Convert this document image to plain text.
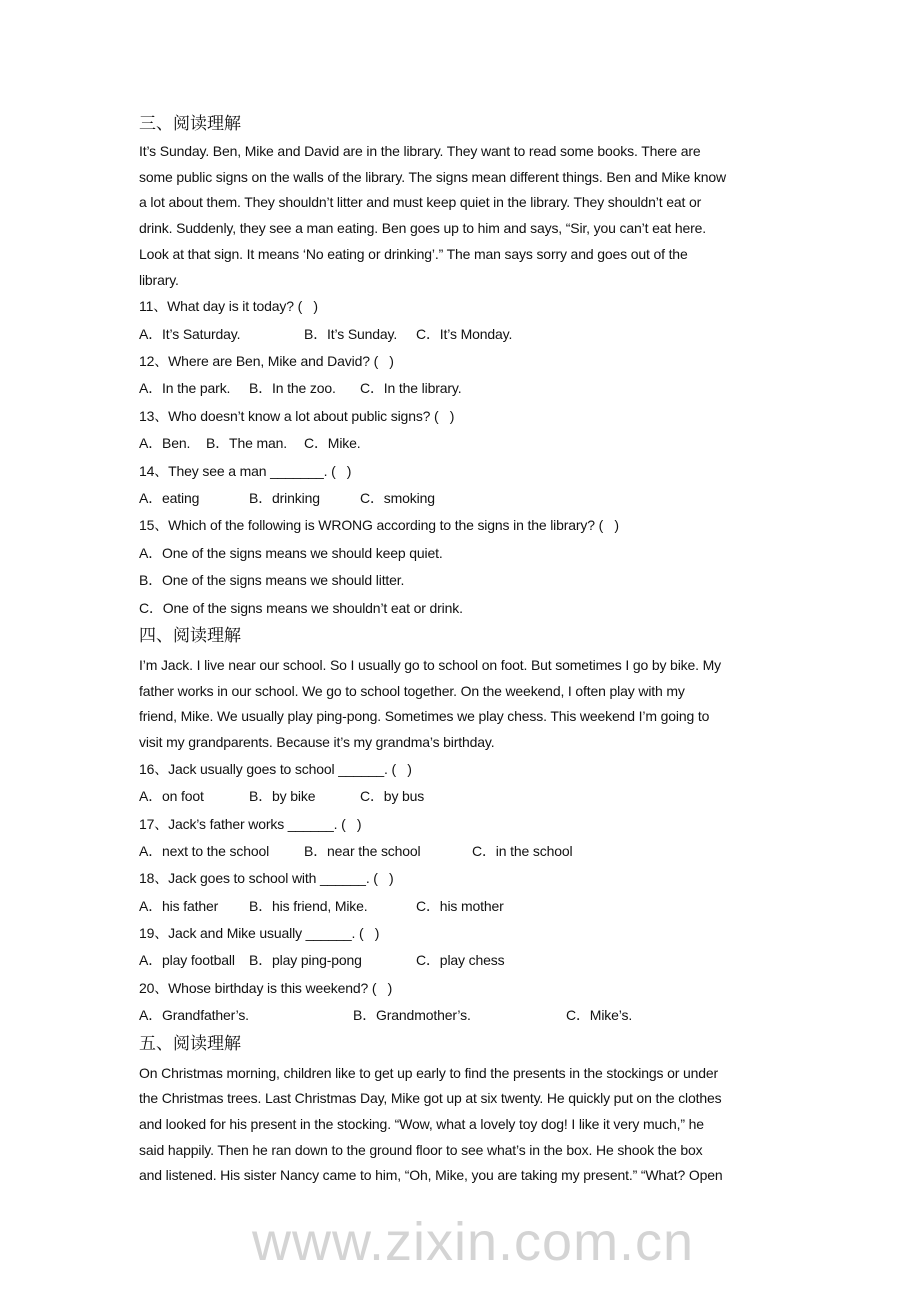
www.zixin.com.cn
三、阅读理解
It’s Sunday. Ben, Mike and David are in the library. They want to read some books. There are
some public signs on the walls of the library. The signs mean different things. Ben and Mike know
a lot about them. They shouldn’t litter and must keep quiet in the library. They shouldn’t eat or
drink. Suddenly, they see a man eating. Ben goes up to him and says, “Sir, you can’t eat here.
Look at that sign. It means ‘No eating or drinking’.” The man says sorry and goes out of the
library.
11、What day is it today? (   )
A．It’s Saturday.	B．It’s Sunday. C．It’s Monday.
12、Where are Ben, Mike and David? (   )
A．In the park. B．In the zoo. C．In the library.
13、Who doesn’t know a lot about public signs? (   )
A．Ben. B．The man. C．Mike.
14、They see a man _______. (   )
A．eating	B．drinking	C．smoking
15、Which of the following is WRONG according to the signs in the library? (   )
A．One of the signs means we should keep quiet.
B．One of the signs means we should litter.
C．One of the signs means we shouldn’t eat or drink.
四、阅读理解
I’m Jack. I live near our school. So I usually go to school on foot. But sometimes I go by bike. My
father works in our school. We go to school together. On the weekend, I often play with my
friend, Mike. We usually play ping-pong. Sometimes we play chess. This weekend I’m going to
visit my grandparents. Because it’s my grandma’s birthday.
16、Jack usually goes to school ______. (   )
A．on foot	B．by bike	C．by bus
17、Jack’s father works ______. (   )
A．next to the school B．near the school	C．in the school
18、Jack goes to school with ______. (   )
A．his father B．his friend, Mike.	C．his mother
19、Jack and Mike usually ______. (   )
A．play football B．play ping-pong	C．play chess
20、Whose birthday is this weekend? (   )
A．Grandfather’s.	B．Grandmother’s.	C．Mike’s.
五、阅读理解
On Christmas morning, children like to get up early to find the presents in the stockings or under
the Christmas trees. Last Christmas Day, Mike got up at six twenty. He quickly put on the clothes
and looked for his present in the stocking. “Wow, what a lovely toy dog! I like it very much,” he
said happily. Then he ran down to the ground floor to see what’s in the box. He shook the box
and listened. His sister Nancy came to him, “Oh, Mike, you are taking my present.” “What? Open
